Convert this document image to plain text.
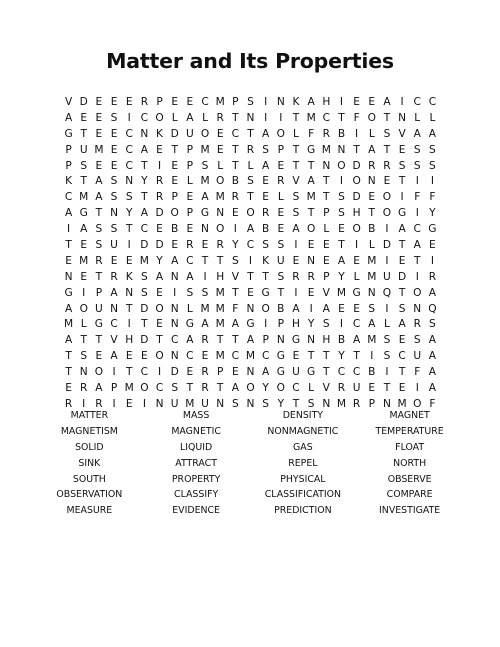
Matter and Its Properties
V D E E E R P E E C M P S I N K A H I E E A I C C
A E E S I C O L A L R T N I	I T M C T F O T N L L
G T E E C N K D U O E C T A O L F R B I	L S V A A
P U M E C A E T P M E T R S P T G M N T A T E S S
P S E E C T I E P S L T L A E T T N O D R R S S S
K T A S N Y R E L M O B S E R V A T I O N E T I	I
C M A S S T R P E A M R T E L S M T S D E O I F F
A G T N Y A D O P G N E O R E S T P S H T O G I Y
I A S S T C E B E N O I A B E A O L E O B I A C G
T E S U I D D E R E R Y C S S I E E T I	L D T A E
E M R E E M Y A C T T S I K U E N E A E M I E T I
N E T R K S A N A I H V T T S R R P Y L M U D I R
G I P A N S E I S S M T E G T I E V M G N Q T O A
A O U N T D O N L M M F N O B A I A E E S I S N Q
M L G C I T E N G A M A G I P H Y S I C A L A R S
A T T V H D T C A R T T A P N G N H B A M S E S A
T S E A E E O N C E M C M C G E T T Y T I S C U A
T N O I T C I D E R P E N A G U G T C C B I T F A
E R A P M O C S T R T A O Y O C L V R U E T E I A
R I R I E I N U M U N S N S Y T S N M R P N M O F
MATTER	MASS	DENSITY	MAGNET
MAGNETISM	MAGNETIC	NONMAGNETIC	TEMPERATURE
SOLID	LIQUID	GAS	FLOAT
SINK	ATTRACT	REPEL	NORTH
SOUTH	PROPERTY	PHYSICAL	OBSERVE
OBSERVATION	CLASSIFY	CLASSIFICATION	COMPARE
MEASURE	EVIDENCE	PREDICTION	INVESTIGATE
